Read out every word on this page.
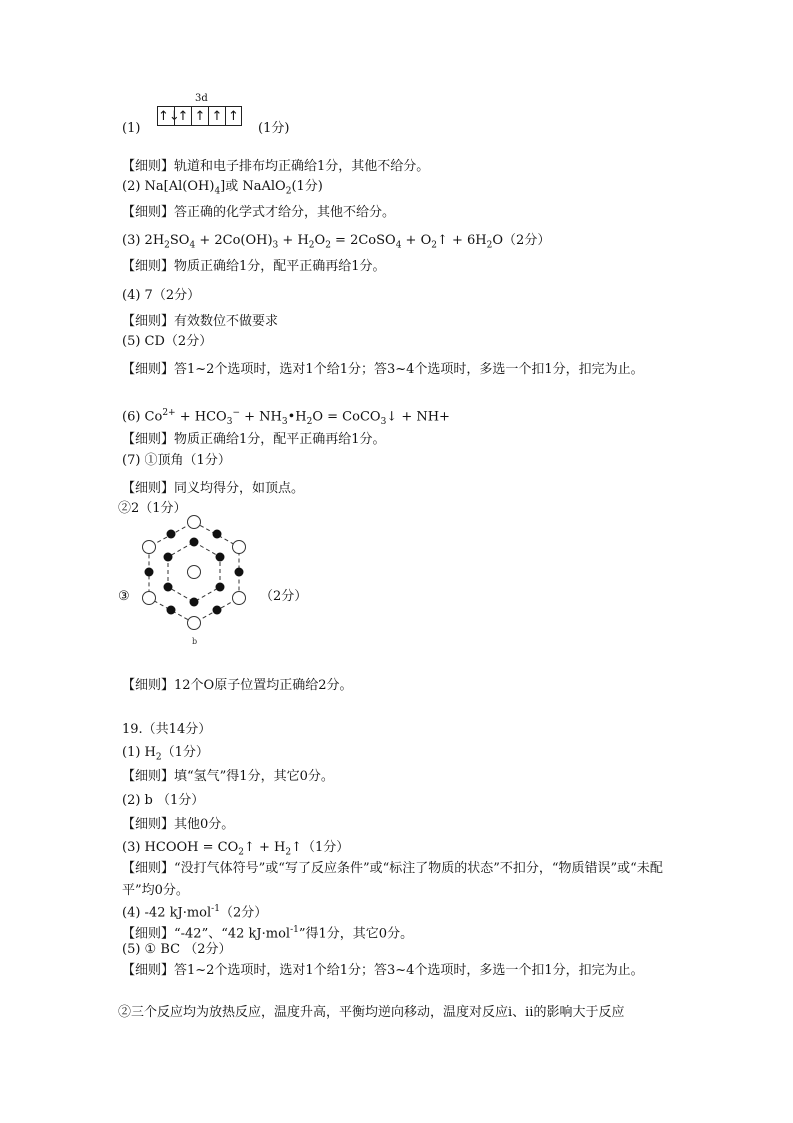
3d
(1)
↑↓↑ ↑ ↑ ↑
(1分)
【细则】轨道和电子排布均正确给1分，其他不给分。
(2) $Na[Al(OH)_4]$或 NaAlO$_2$(1分)
【细则】答正确的化学式才给分，其他不给分。
(3) $2H_2SO_4 + 2Co(OH)_3 + H_2O_2$ = 2CoSO$_4$ + $O_2↑ + 6H_2O(2$分）
【细则】物质正确给1分，配平正确再给1分。
(4) 7（2分）
【细则】有效数位不做要求
(5) CD（2分）
【细则】答1~2个选项时，选对1个给1分；答3~4个选项时，多选一个扣1分，扣完为止。
(6) $Co^{2+} + HCO_3^-$ + $NH_3•H_2O$ = CoCO$_3$↓ + NH+
【细则】物质正确给1分，配平正确再给1分。
(7) ①顶角（1分）
【细则】同义均得分，如顶点。
②2（1分）
③	（2分）
b
【细则】12个O原子位置均正确给2分。
19.（共14分）
(1) $H_2(1$分）
【细则】填“氢气”得1分，其它0分。
(2) b （1分）
【细则】其他0分。
(3) HCOOH = $CO_2↑$ + $H_2↑(1$分）
【细则】“没打气体符号”或“写了反应条件”或“标注了物质的状态”不扣分，“物质错误”或“未配平”均0分。
(4) -42 kJ·mol$^{-1}$（2分）
【细则】“-42”、“42 kJ·mol$^{-1}$”得1分，其它0分。
(5) ① BC （2分）
【细则】答1~2个选项时，选对1个给1分；答3~4个选项时，多选一个扣1分，扣完为止。
②三个反应均为放热反应，温度升高，平衡均逆向移动，温度对反应ⅰ、ⅱ的影响大于反应
